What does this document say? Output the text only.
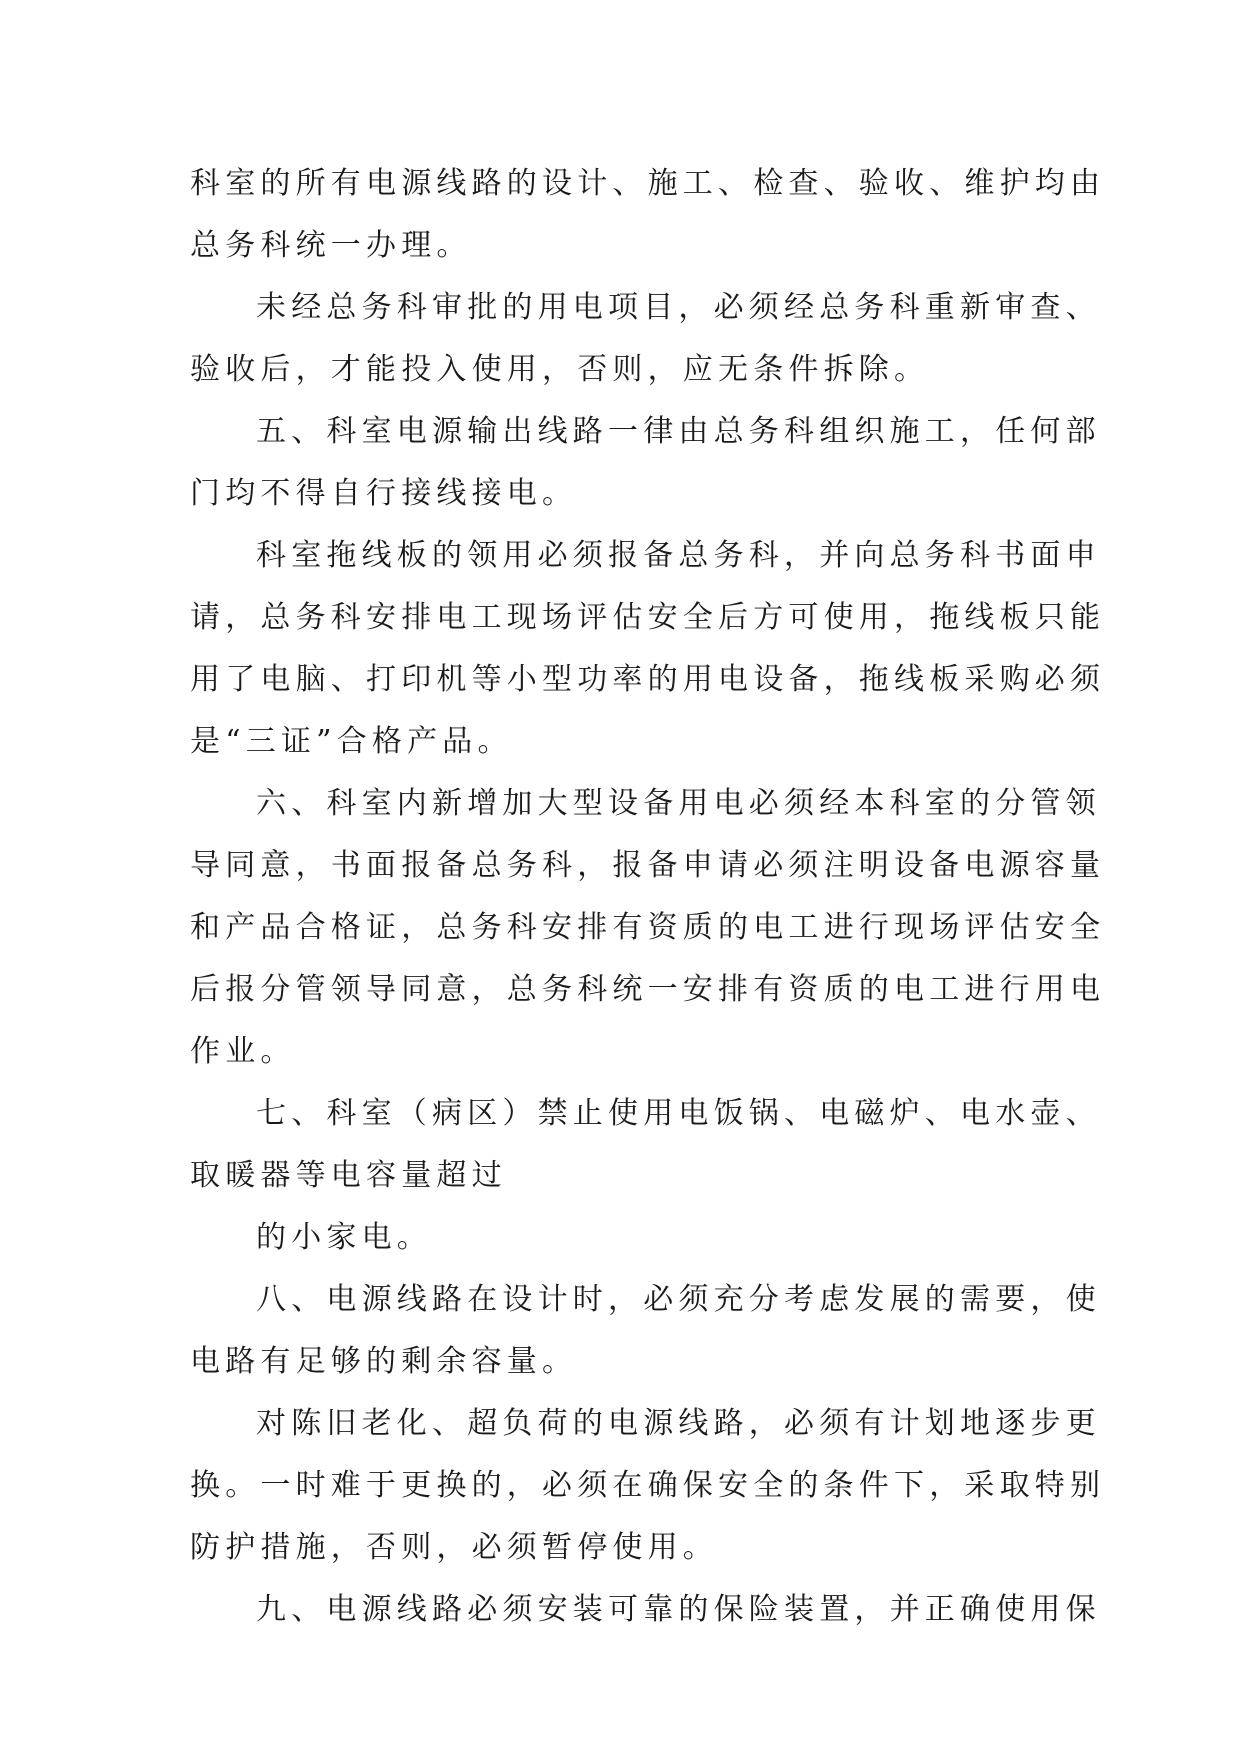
科室的所有电源线路的设计、施工、检查、验收、维护均由
总务科统一办理。
未经总务科审批的用电项目，必须经总务科重新审查、
验收后，才能投入使用，否则，应无条件拆除。
五、科室电源输出线路一律由总务科组织施工，任何部
门均不得自行接线接电。
科室拖线板的领用必须报备总务科，并向总务科书面申
请，总务科安排电工现场评估安全后方可使用，拖线板只能
用了电脑、打印机等小型功率的用电设备，拖线板采购必须
是“三证”合格产品。
六、科室内新增加大型设备用电必须经本科室的分管领
导同意，书面报备总务科，报备申请必须注明设备电源容量
和产品合格证，总务科安排有资质的电工进行现场评估安全
后报分管领导同意，总务科统一安排有资质的电工进行用电
作业。
七、科室（病区）禁止使用电饭锅、电磁炉、电水壶、
取暖器等电容量超过
的小家电。
八、电源线路在设计时，必须充分考虑发展的需要，使
电路有足够的剩余容量。
对陈旧老化、超负荷的电源线路，必须有计划地逐步更
换。一时难于更换的，必须在确保安全的条件下，采取特别
防护措施，否则，必须暂停使用。
九、电源线路必须安装可靠的保险装置，并正确使用保
